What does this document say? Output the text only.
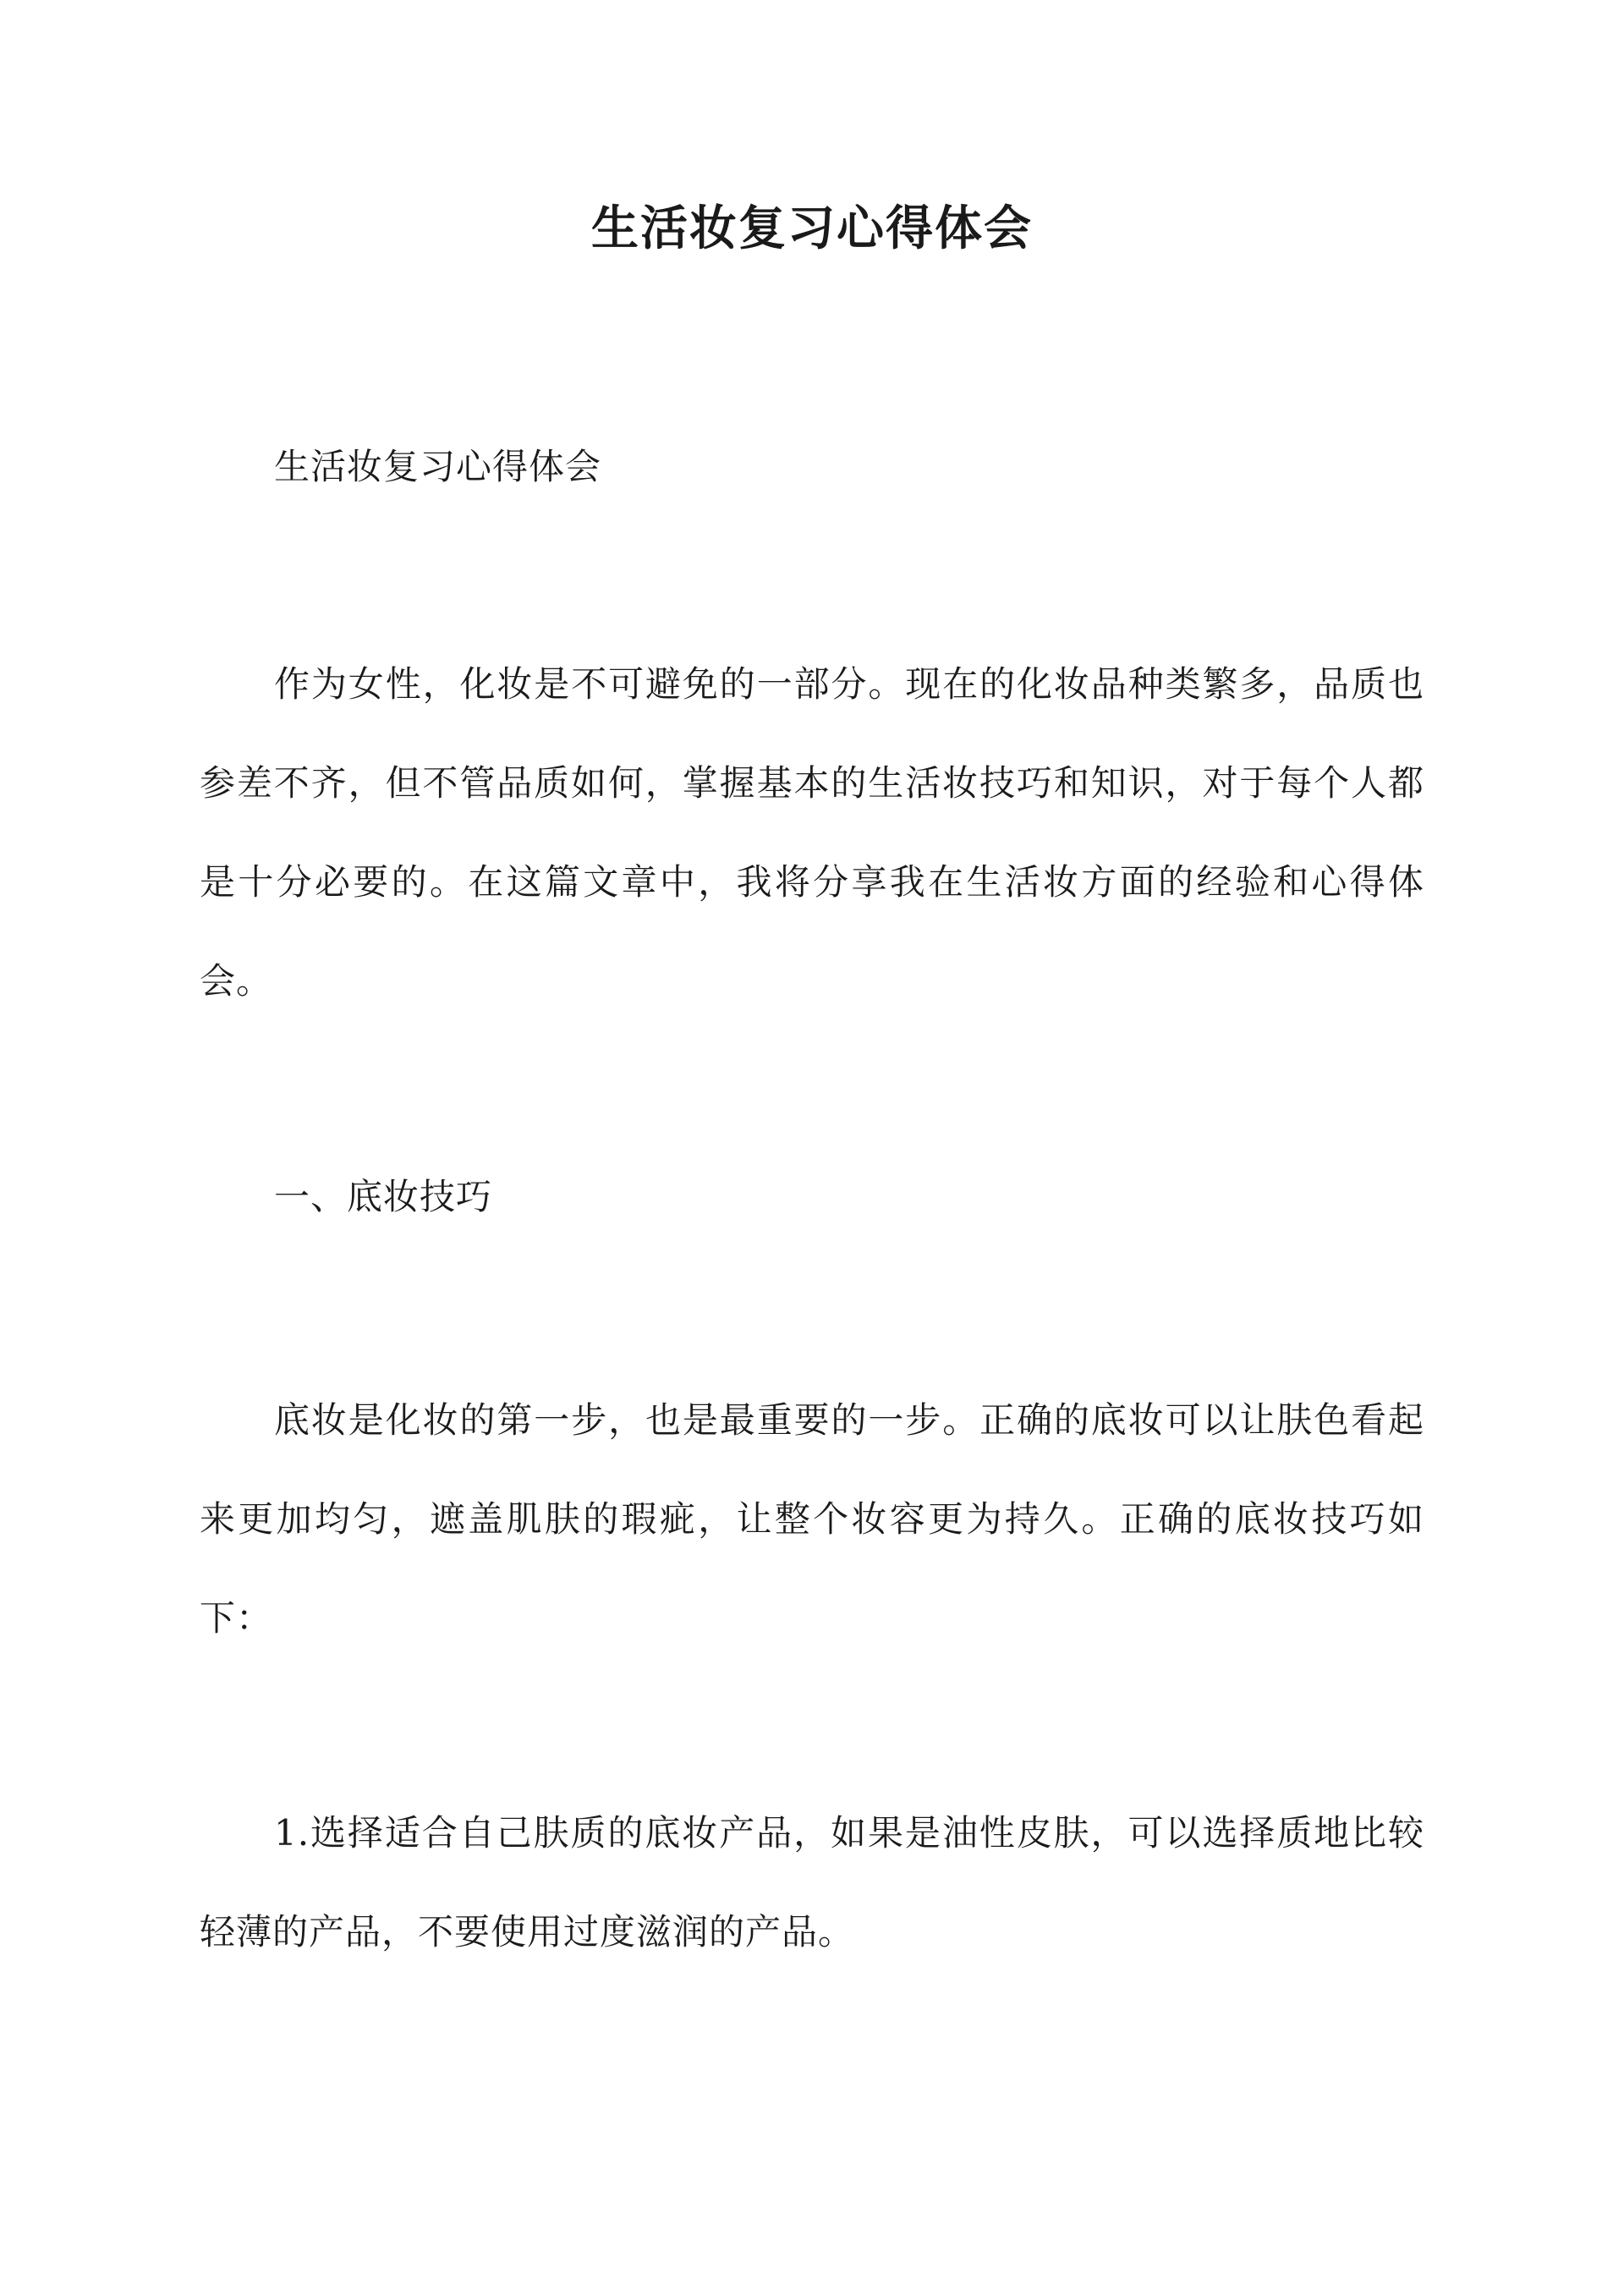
生活妆复习心得体会

生活妆复习心得体会

作为女性，化妆是不可避免的一部分。现在的化妆品种类繁多，品质也参差不齐，但不管品质如何，掌握基本的生活妆技巧和知识，对于每个人都是十分必要的。在这篇文章中，我将分享我在生活妆方面的经验和心得体会。

一、底妆技巧

底妆是化妆的第一步，也是最重要的一步。正确的底妆可以让肤色看起来更加均匀，遮盖肌肤的瑕疵，让整个妆容更为持久。正确的底妆技巧如下：

1.选择适合自己肤质的底妆产品，如果是油性皮肤，可以选择质地比较轻薄的产品，不要使用过度滋润的产品。
